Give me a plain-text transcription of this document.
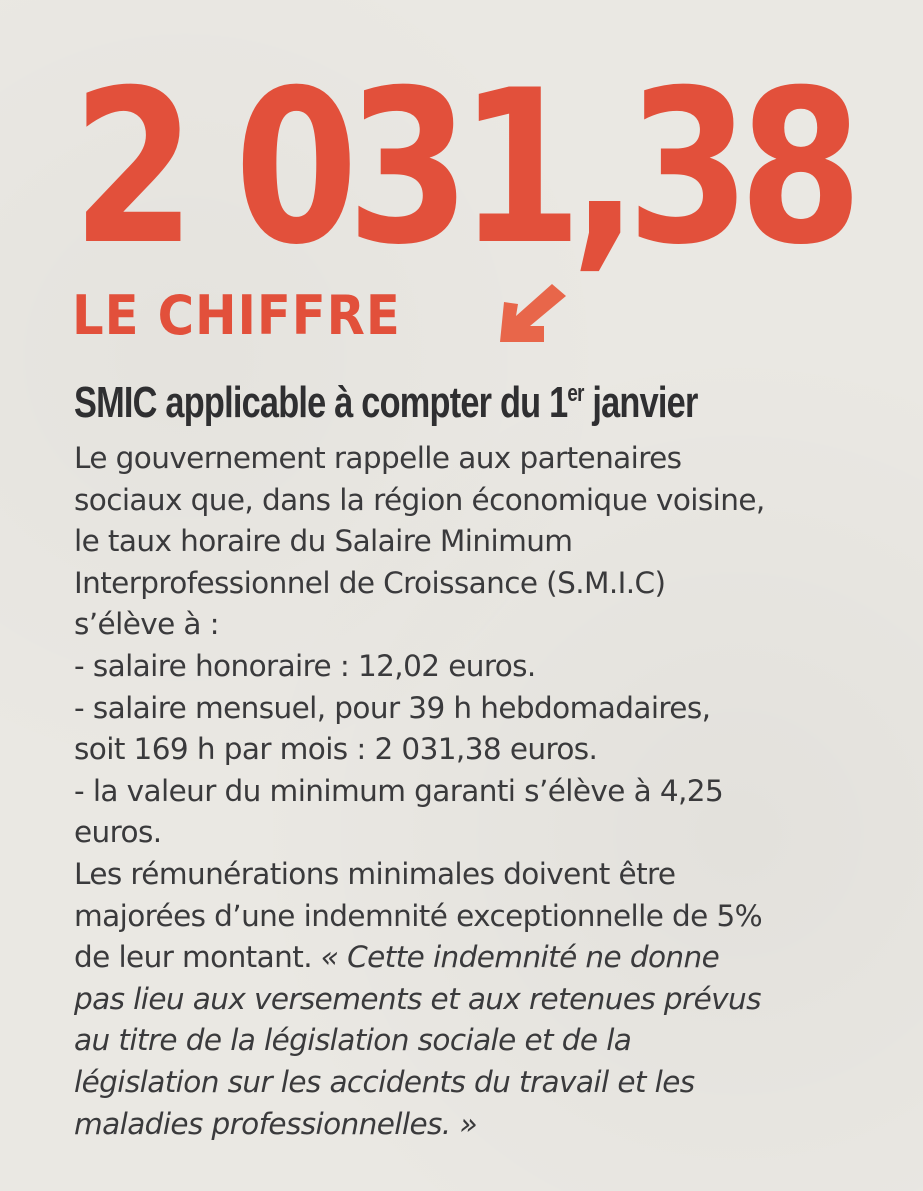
2 031,38
LE CHIFFRE
SMIC applicable à compter du 1er janvier
Le gouvernement rappelle aux partenaires
sociaux que, dans la région économique voisine,
le taux horaire du Salaire Minimum
Interprofessionnel de Croissance (S.M.I.C)
s’élève à :
- salaire honoraire : 12,02 euros.
- salaire mensuel, pour 39 h hebdomadaires,
soit 169 h par mois : 2 031,38 euros.
- la valeur du minimum garanti s’élève à 4,25
euros.
Les rémunérations minimales doivent être
majorées d’une indemnité exceptionnelle de 5%
de leur montant. « Cette indemnité ne donne
pas lieu aux versements et aux retenues prévus
au titre de la législation sociale et de la
législation sur les accidents du travail et les
maladies professionnelles. »
